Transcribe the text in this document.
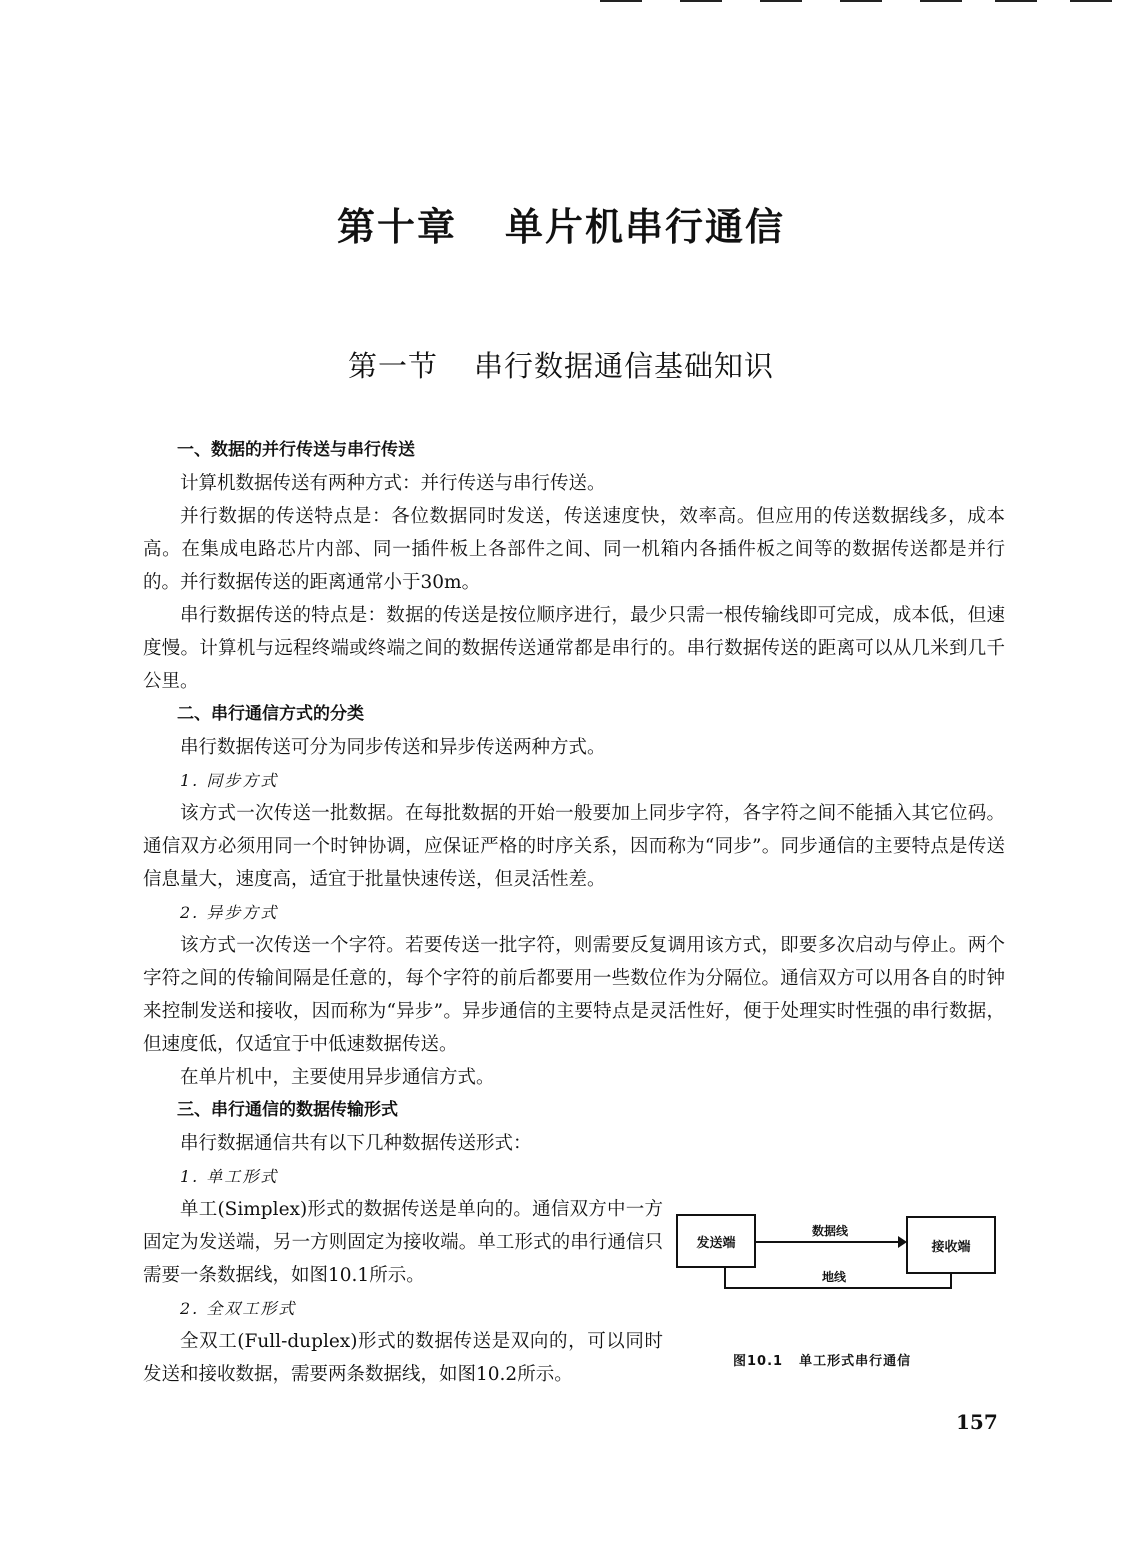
第十章 单片机串行通信
第一节 串行数据通信基础知识

一、数据的并行传送与串行传送

计算机数据传送有两种方式：并行传送与串行传送。

并行数据的传送特点是：各位数据同时发送，传送速度快，效率高。但应用的传送数据线多，成本高。在集成电路芯片内部、同一插件板上各部件之间、同一机箱内各插件板之间等的数据传送都是并行的。并行数据传送的距离通常小于30m。

串行数据传送的特点是：数据的传送是按位顺序进行，最少只需一根传输线即可完成，成本低，但速度慢。计算机与远程终端或终端之间的数据传送通常都是串行的。串行数据传送的距离可以从几米到几千公里。

二、串行通信方式的分类

串行数据传送可分为同步传送和异步传送两种方式。

1. 同步方式

该方式一次传送一批数据。在每批数据的开始一般要加上同步字符，各字符之间不能插入其它位码。通信双方必须用同一个时钟协调，应保证严格的时序关系，因而称为“同步”。同步通信的主要特点是传送信息量大，速度高，适宜于批量快速传送，但灵活性差。

2. 异步方式

该方式一次传送一个字符。若要传送一批字符，则需要反复调用该方式，即要多次启动与停止。两个字符之间的传输间隔是任意的，每个字符的前后都要用一些数位作为分隔位。通信双方可以用各自的时钟来控制发送和接收，因而称为“异步”。异步通信的主要特点是灵活性好，便于处理实时性强的串行数据，但速度低，仅适宜于中低速数据传送。

在单片机中，主要使用异步通信方式。

三、串行通信的数据传输形式

串行数据通信共有以下几种数据传送形式：

1. 单工形式

单工(Simplex)形式的数据传送是单向的。通信双方中一方固定为发送端，另一方则固定为接收端。单工形式的串行通信只需要一条数据线，如图10.1所示。

2. 全双工形式

全双工(Full-duplex)形式的数据传送是双向的，可以同时发送和接收数据，需要两条数据线，如图10.2所示。

发送端	接收端
数据线
地线
图10.1 单工形式串行通信
157
